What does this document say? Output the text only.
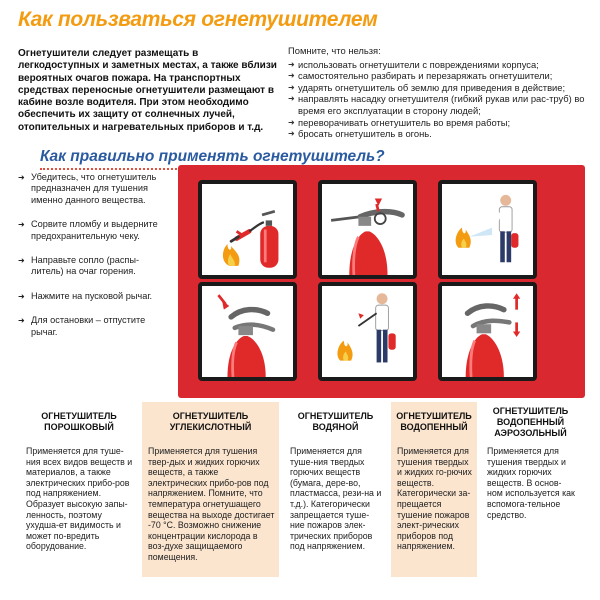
Как пользваться огнетушителем
Огнетушители следует размещать в легкодоступных и заметных местах, а также вблизи вероятных очагов пожара. На транспортных средствах переносные огнетушители размещают в кабине возле водителя. При этом необходимо обеспечить их защиту от солнечных лучей, отопительных и нагревательных приборов и т.д.
Помните, что нельзя:
➜ использовать огнетушители с повреждениями корпуса;
➜ самостоятельно разбирать и перезаряжать огнетушители;
➜ ударять огнетушитель об землю для приведения в действие;
➜ направлять насадку огнетушителя (гибкий рукав или рас-труб) во время его эксплуатации в сторону людей;
➜ переворачивать огнетушитель во время работы;
➜ бросать огнетушитель в огонь.
Как правильно применять огнетушитель?
➜ Убедитесь, что огнетушитель предназначен для тушения именно данного вещества.
➜ Сорвите пломбу и выдерните предохранительную чеку.
➜ Направьте сопло (распы-литель) на очаг горения.
➜ Нажмите на пусковой рычаг.
➜ Для остановки – отпустите рычаг.
ОГНЕТУШИТЕЛЬ ПОРОШКОВЫЙ
Применяется для туше-ния всех видов веществ и материалов, а также электрических прибо-ров под напряжением. Образует высокую запы-ленность, поэтому ухудша-ет видимость и может по-вредить оборудование.
ОГНЕТУШИТЕЛЬ УГЛЕКИСЛОТНЫЙ
Применяется для тушения твер-дых и жидких горючих веществ, а также электрических прибо-ров под напряжением. Помните, что температура огнетушащего вещества на выходе достигает -70 °С. Возможно снижение концентрации кислорода в воз-духе защищаемого помещения.
ОГНЕТУШИТЕЛЬ ВОДЯНОЙ
Применяется для туше-ния твердых горючих веществ (бумага, дере-во, пластмасса, рези-на и т.д.). Категорически запрещается туше-ние пожаров элек-трических приборов под напряжением.
ОГНЕТУШИТЕЛЬ ВОДОПЕННЫЙ
Применяется для тушения твердых и жидких го-рючих веществ. Категорически за-прещается тушение пожаров элект-рических приборов под напряжением.
ОГНЕТУШИТЕЛЬ ВОДОПЕННЫЙ АЭРОЗОЛЬНЫЙ
Применяется для тушения твердых и жидких горючих веществ. В основ-ном используется как вспомога-тельное средство.
